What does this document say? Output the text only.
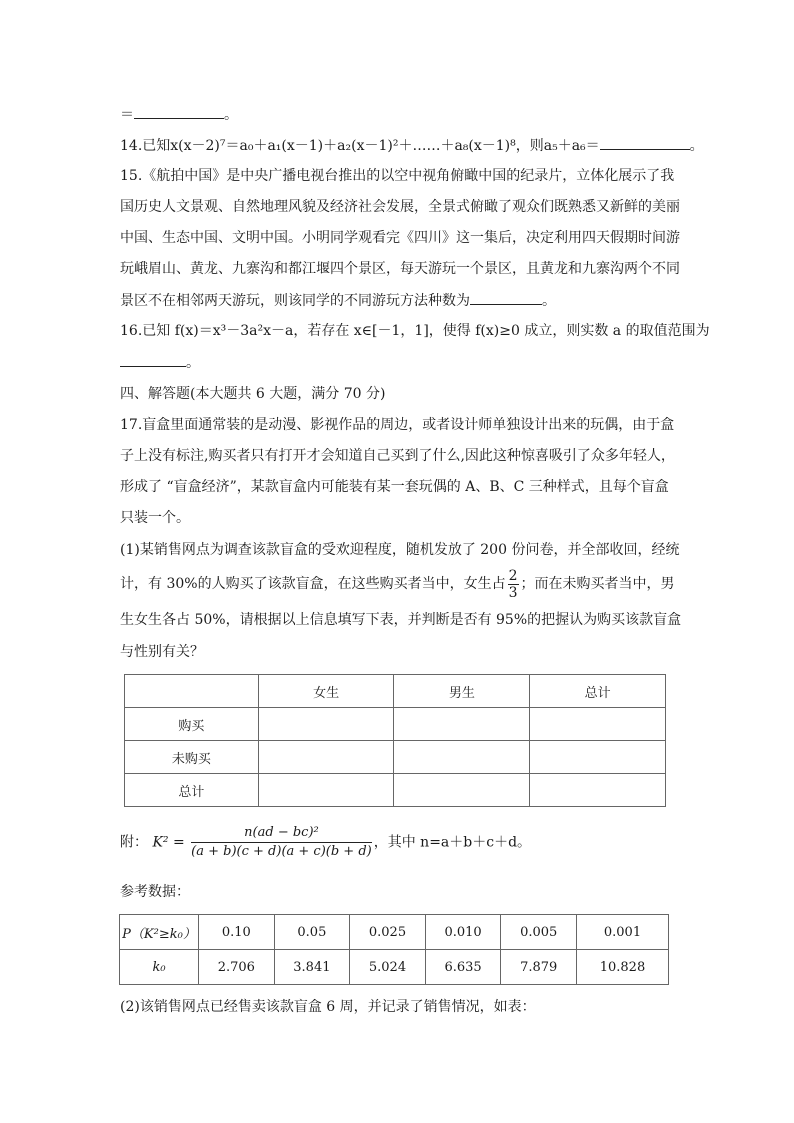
＝	。
14.已知x(x－2)⁷＝a₀＋a₁(x－1)＋a₂(x－1)²＋……＋a₈(x－1)⁸，则a₅＋a₆＝	。
15.《航拍中国》是中央广播电视台推出的以空中视角俯瞰中国的纪录片，立体化展示了我
国历史人文景观、自然地理风貌及经济社会发展，全景式俯瞰了观众们既熟悉又新鲜的美丽
中国、生态中国、文明中国。小明同学观看完《四川》这一集后，决定利用四天假期时间游
玩峨眉山、黄龙、九寨沟和都江堰四个景区，每天游玩一个景区，且黄龙和九寨沟两个不同
景区不在相邻两天游玩，则该同学的不同游玩方法种数为	。
16.已知 f(x)＝x³－3a²x－a，若存在 x∈[－1，1]，使得 f(x)≥0 成立，则实数 a 的取值范围为
。
四、解答题(本大题共 6 大题，满分 70 分)
17.盲盒里面通常装的是动漫、影视作品的周边，或者设计师单独设计出来的玩偶，由于盒
子上没有标注,购买者只有打开才会知道自己买到了什么,因此这种惊喜吸引了众多年轻人，
形成了 “盲盒经济”，某款盲盒内可能装有某一套玩偶的 A、B、C 三种样式，且每个盲盒
只装一个。
(1)某销售网点为调查该款盲盒的受欢迎程度，随机发放了 200 份问卷，并全部收回，经统
计，有 30%的人购买了该款盲盒，在这些购买者当中，女生占 $\frac{2}{3}$ ；而在未购买者当中，男
生女生各占 50%，请根据以上信息填写下表，并判断是否有 95%的把握认为购买该款盲盒
与性别有关？
	女生	男生	总计
购买			
未购买			
总计			
附： $K^2 = \frac{\text{n(ad − bc)²}}{(a + b)(c + d)(a + c)(b + d)}$ ，其中 n=a＋b＋c＋d。
参考数据：
P（K²≥k₀）	0.10	0.05	0.025	0.010	0.005	0.001
k₀	2.706	3.841	5.024	6.635	7.879	10.828
(2)该销售网点已经售卖该款盲盒 6 周，并记录了销售情况，如表：
